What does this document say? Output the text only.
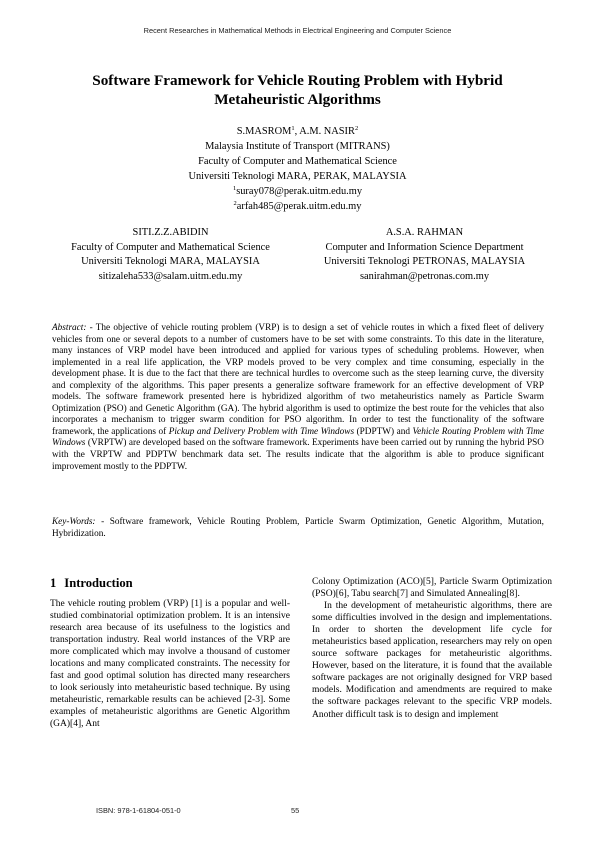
Recent Researches in Mathematical Methods in Electrical Engineering and Computer Science
Software Framework for Vehicle Routing Problem with Hybrid
Metaheuristic Algorithms
S.MASROM$^1$, A.M. NASIR$^2$
Malaysia Institute of Transport (MITRANS)
Faculty of Computer and Mathematical Science
Universiti Teknologi MARA, PERAK, MALAYSIA
$^1$suray078@perak.uitm.edu.my
$^2$arfah485@perak.uitm.edu.my
SITI.Z.Z.ABIDIN
Faculty of Computer and Mathematical Science
Universiti Teknologi MARA, MALAYSIA
sitizaleha533@salam.uitm.edu.my
A.S.A. RAHMAN
Computer and Information Science Department
Universiti Teknologi PETRONAS, MALAYSIA
sanirahman@petronas.com.my
Abstract: - The objective of vehicle routing problem (VRP) is to design a set of vehicle routes in which a fixed fleet of delivery vehicles from one or several depots to a number of customers have to be set with some constraints. To this date in the literature, many instances of VRP model have been introduced and applied for various types of scheduling problems. However, when implemented in a real life application, the VRP models proved to be very complex and time consuming, especially in the development phase. It is due to the fact that there are technical hurdles to overcome such as the steep learning curve, the diversity and complexity of the algorithms. This paper presents a generalize software framework for an effective development of VRP models. The software framework presented here is hybridized algorithm of two metaheuristics namely as Particle Swarm Optimization (PSO) and Genetic Algorithm (GA). The hybrid algorithm is used to optimize the best route for the vehicles that also incorporates a mechanism to trigger swarm condition for PSO algorithm. In order to test the functionality of the software framework, the applications of Pickup and Delivery Problem with Time Windows (PDPTW) and Vehicle Routing Problem with Time Windows (VRPTW) are developed based on the software framework. Experiments have been carried out by running the hybrid PSO with the VRPTW and PDPTW benchmark data set. The results indicate that the algorithm is able to produce significant improvement mostly to the PDPTW.
Key-Words: - Software framework, Vehicle Routing Problem, Particle Swarm Optimization, Genetic Algorithm, Mutation, Hybridization.
1 Introduction

The vehicle routing problem (VRP) [1] is a popular and well-studied combinatorial optimization problem. It is an intensive research area because of its usefulness to the logistics and transportation industry. Real world instances of the VRP are more complicated which may involve a thousand of customer locations and many complicated constraints. The necessity for fast and good optimal solution has directed many researchers to look seriously into metaheuristic based technique. By using metaheuristic, remarkable results can be achieved [2-3]. Some examples of metaheuristic algorithms are Genetic Algorithm (GA)[4], Ant

Colony Optimization (ACO)[5], Particle Swarm Optimization (PSO)[6], Tabu search[7] and Simulated Annealing[8].

In the development of metaheuristic algorithms, there are some difficulties involved in the design and implementations. In order to shorten the development life cycle for metaheuristics based application, researchers may rely on open source software packages for metaheuristic algorithms. However, based on the literature, it is found that the available software packages are not originally designed for VRP based models. Modification and amendments are required to make the software packages relevant to the specific VRP models. Another difficult task is to design and implement

ISBN: 978-1-61804-051-0	55
